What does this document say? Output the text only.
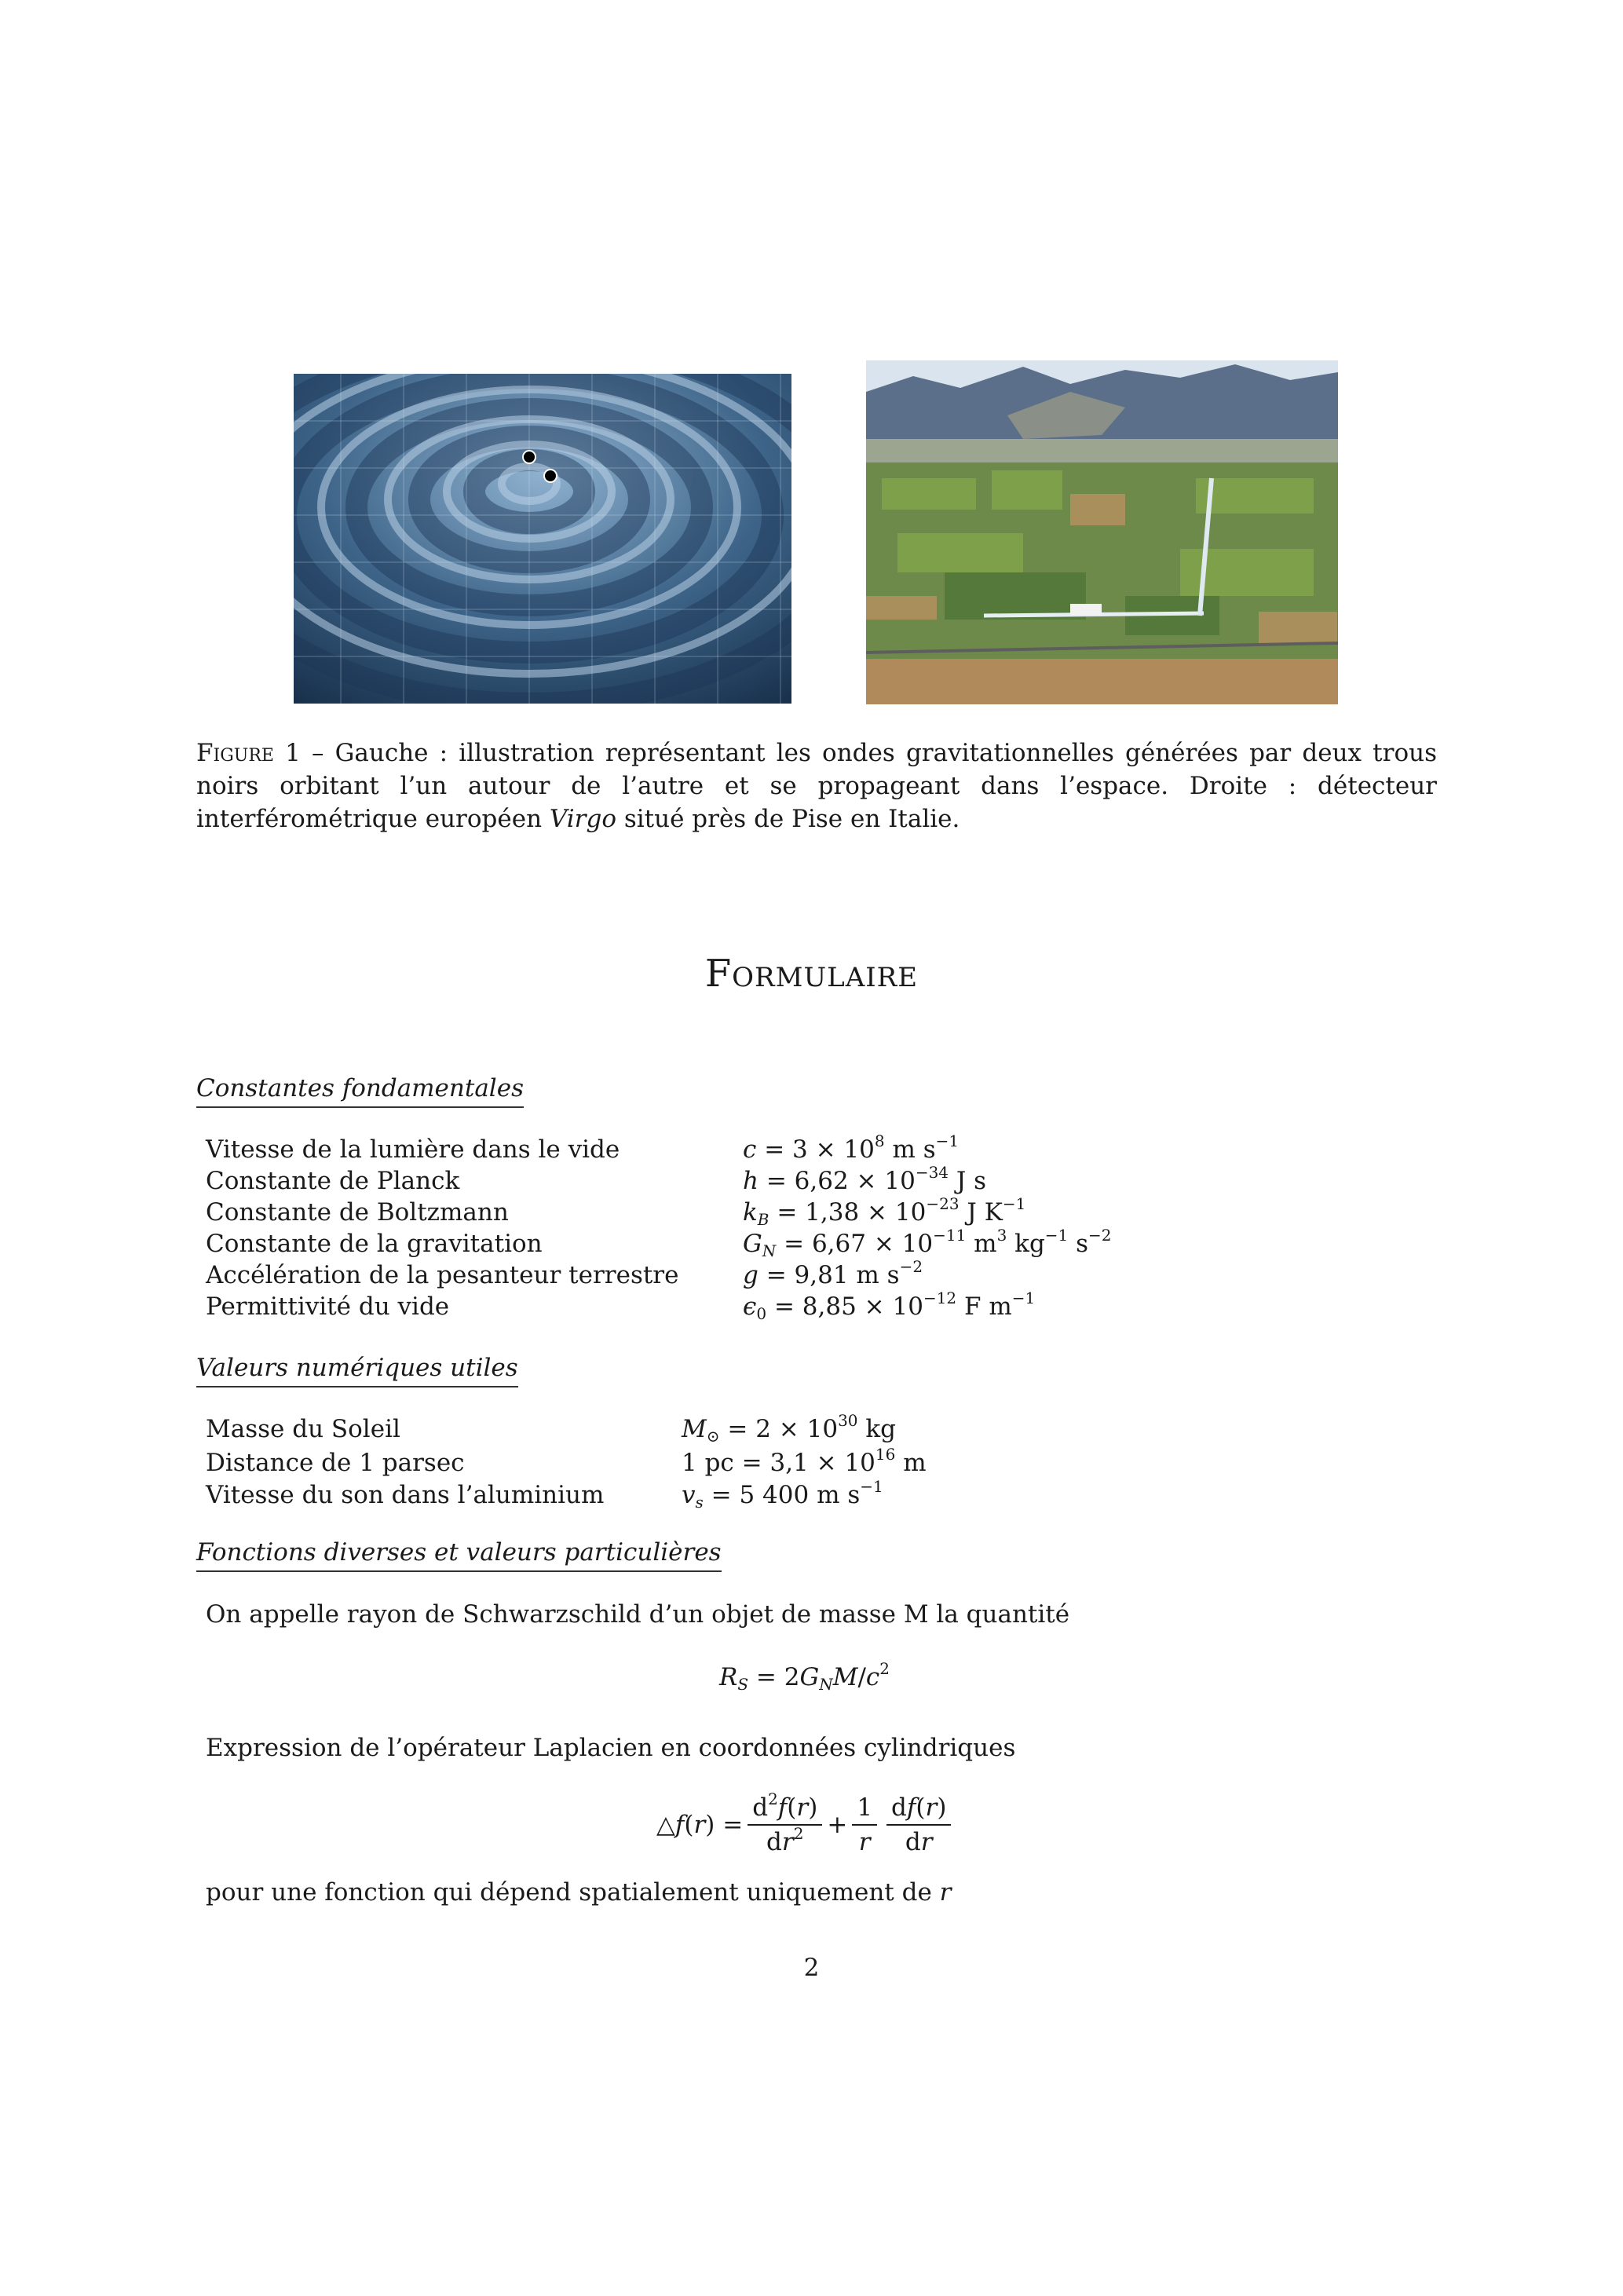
Figure 1 – Gauche : illustration représentant les ondes gravitationnelles générées par deux trous noirs orbitant l’un autour de l’autre et se propageant dans l’espace. Droite : détecteur interférométrique européen Virgo situé près de Pise en Italie.
Formulaire
Constantes fondamentales
Vitesse de la lumière dans le vide
Constante de Planck
Constante de Boltzmann
Constante de la gravitation
Accélération de la pesanteur terrestre
Permittivité du vide
$c = 3 \times 10^8$ m $s^{-1}$
$h = 6,62 \times 10^{-34}$ J s
$k_B = 1,38 \times 10^{-23}$ J $K^{-1}$
$G_N = 6,67 \times 10^{-11}$ $m^3$ $kg^{-1}$ $s^{-2}$
g = 9,81 m $s^{-2}$
$\epsilon_0 = 8,85 \times 10^{-12}$ F $m^{-1}$
Valeurs numériques utiles
Masse du Soleil
Distance de 1 parsec
Vitesse du son dans l’aluminium
$M_⊙ = 2 \times 10^{30}$ kg
1 pc = $3,1 \times 10^{16}$ m
$v_s = 5$ 400 m $s^{-1}$
Fonctions diverses et valeurs particulières
On appelle rayon de Schwarzschild d’un objet de masse M la quantité
$R_S = 2G_NM/c^2$
Expression de l’opérateur Laplacien en coordonnées cylindriques
△f(r) = $\frac{d^2f(r)}{dr^2} + \frac{1}{r} \frac{df(r)}{dr}$
pour une fonction qui dépend spatialement uniquement de r
2
